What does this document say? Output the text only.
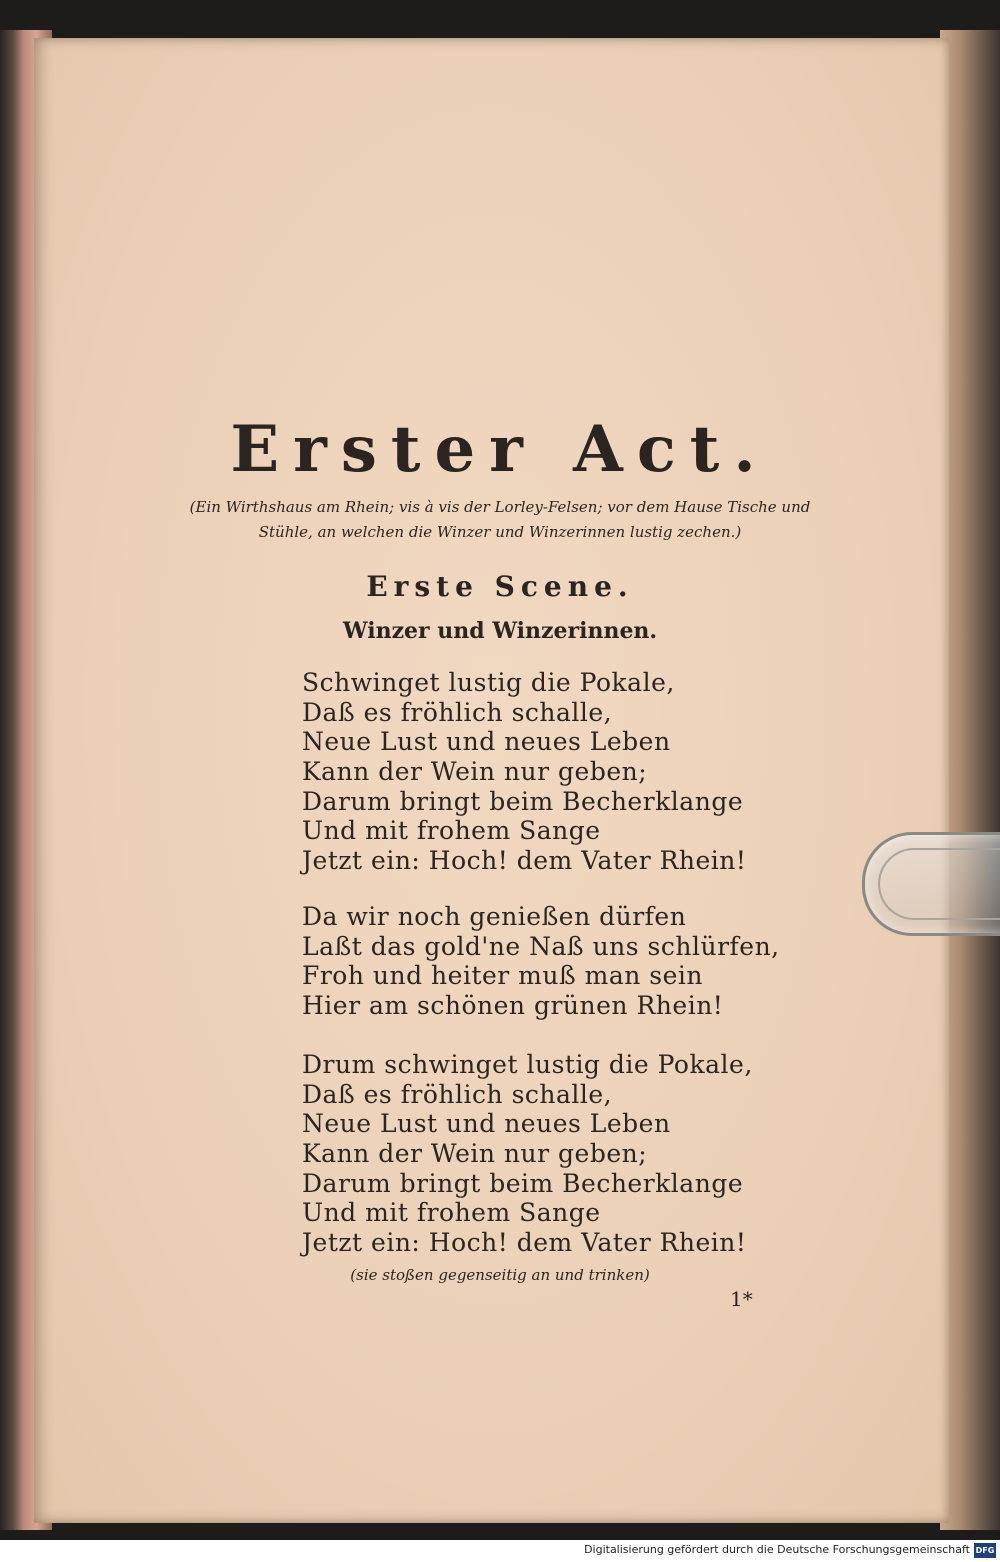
Erster Act.
(Ein Wirthshaus am Rhein; vis à vis der Lorley-Felsen; vor dem Hause Tische und
Stühle, an welchen die Winzer und Winzerinnen lustig zechen.)
Erste Scene.
Winzer und Winzerinnen.
Schwinget lustig die Pokale,
Daß es fröhlich schalle,
Neue Lust und neues Leben
Kann der Wein nur geben;
Darum bringt beim Becherklange
Und mit frohem Sange
Jetzt ein: Hoch! dem Vater Rhein!
Da wir noch genießen dürfen
Laßt das gold'ne Naß uns schlürfen,
Froh und heiter muß man sein
Hier am schönen grünen Rhein!
Drum schwinget lustig die Pokale,
Daß es fröhlich schalle,
Neue Lust und neues Leben
Kann der Wein nur geben;
Darum bringt beim Becherklange
Und mit frohem Sange
Jetzt ein: Hoch! dem Vater Rhein!
(sie stoßen gegenseitig an und trinken)
1*
Digitalisierung gefördert durch die Deutsche Forschungsgemeinschaft DFG
